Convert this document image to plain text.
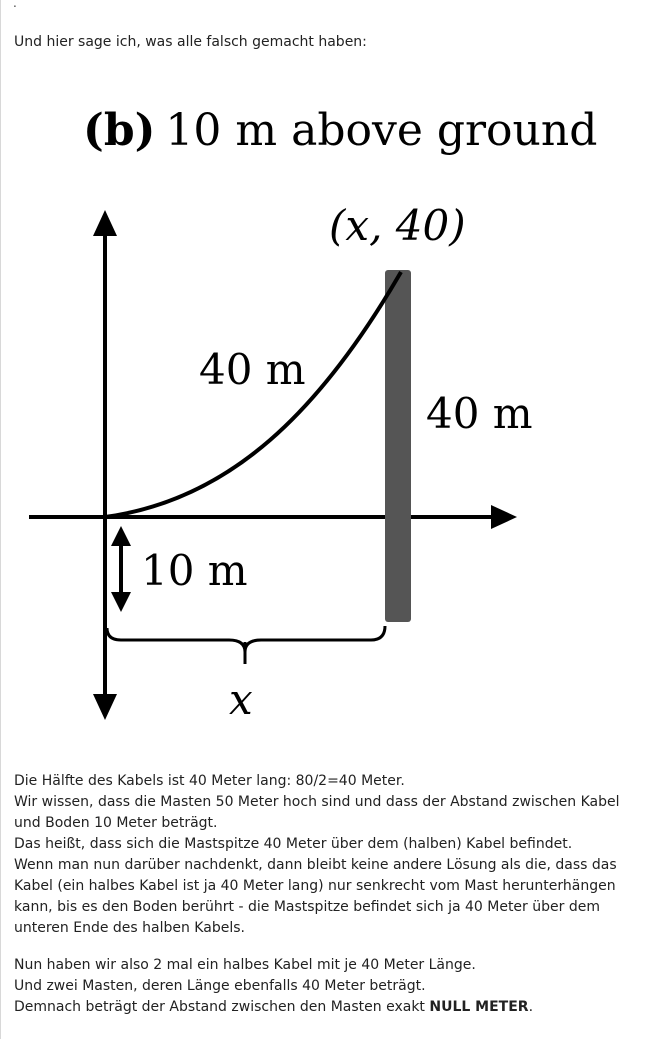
.
Und hier sage ich, was alle falsch gemacht haben:
(b) 10 m above ground
(x, 40)
40 m
40 m
10 m
x

Die Hälfte des Kabels ist 40 Meter lang: 80/2=40 Meter.

Wir wissen, dass die Masten 50 Meter hoch sind und dass der Abstand zwischen Kabel und Boden 10 Meter beträgt.

Das heißt, dass sich die Mastspitze 40 Meter über dem (halben) Kabel befindet.

Wenn man nun darüber nachdenkt, dann bleibt keine andere Lösung als die, dass das Kabel (ein halbes Kabel ist ja 40 Meter lang) nur senkrecht vom Mast herunterhängen kann, bis es den Boden berührt - die Mastspitze befindet sich ja 40 Meter über dem unteren Ende des halben Kabels.

Nun haben wir also 2 mal ein halbes Kabel mit je 40 Meter Länge.

Und zwei Masten, deren Länge ebenfalls 40 Meter beträgt.

Demnach beträgt der Abstand zwischen den Masten exakt NULL METER.
